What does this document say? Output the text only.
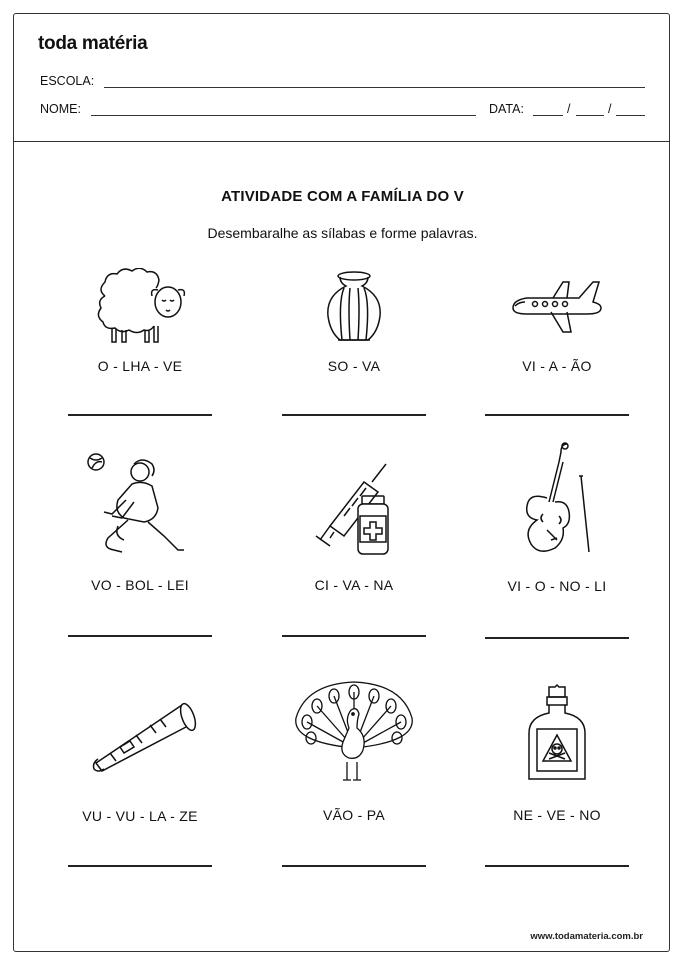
toda matéria
ESCOLA:
NOME:	DATA:	/	/
ATIVIDADE COM A FAMÍLIA DO V
Desembaralhe as sílabas e forme palavras.
O - LHA - VE	SO - VA	VI - A - ÃO
VO - BOL - LEI	CI - VA - NA	VI - O - NO - LI
VU - VU - LA - ZE	VÃO - PA	NE - VE - NO
www.todamateria.com.br
